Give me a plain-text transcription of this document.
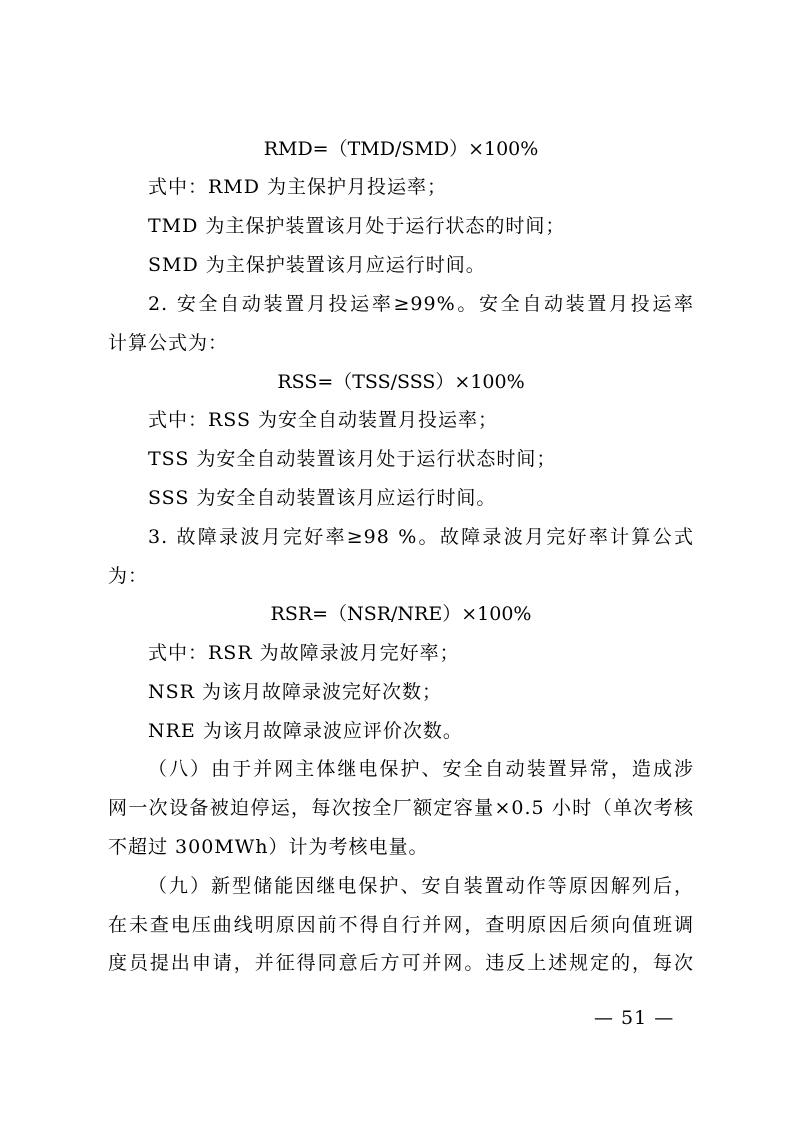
RMD=（TMD/SMD）×100%
式中：RMD 为主保护月投运率；
TMD 为主保护装置该月处于运行状态的时间；
SMD 为主保护装置该月应运行时间。
2. 安全自动装置月投运率≥99%。安全自动装置月投运率
计算公式为：
RSS=（TSS/SSS）×100%
式中：RSS 为安全自动装置月投运率；
TSS 为安全自动装置该月处于运行状态时间；
SSS 为安全自动装置该月应运行时间。
3. 故障录波月完好率≥98 %。故障录波月完好率计算公式
为：
RSR=（NSR/NRE）×100%
式中：RSR 为故障录波月完好率；
NSR 为该月故障录波完好次数；
NRE 为该月故障录波应评价次数。
（八）由于并网主体继电保护、安全自动装置异常，造成涉
网一次设备被迫停运，每次按全厂额定容量×0.5 小时（单次考核
不超过 300MWh）计为考核电量。
（九）新型储能因继电保护、安自装置动作等原因解列后，
在未查电压曲线明原因前不得自行并网，查明原因后须向值班调
度员提出申请，并征得同意后方可并网。违反上述规定的，每次
— 51 —
